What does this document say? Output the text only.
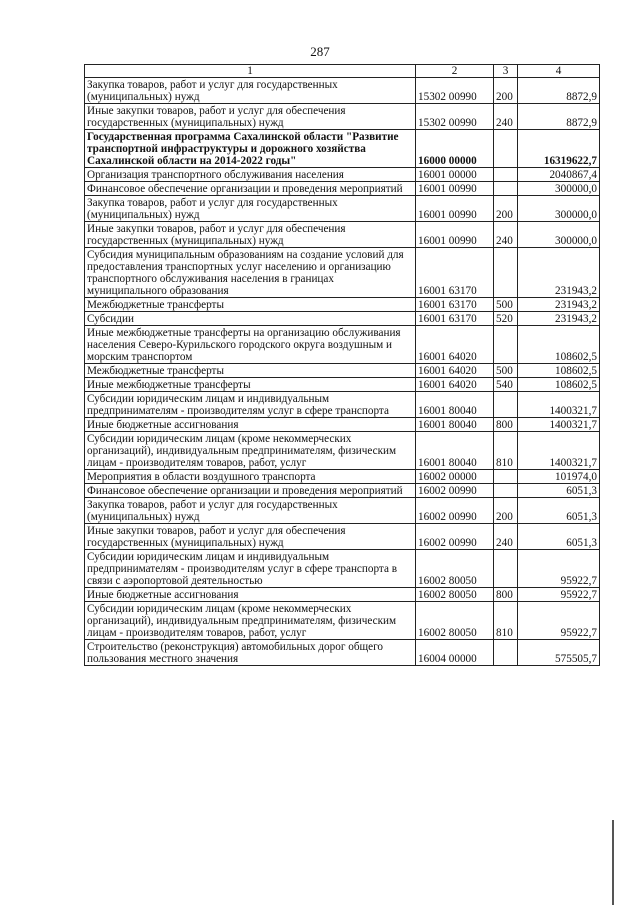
287
1	2	3	4
Закупка товаров, работ и услуг для государственных (муниципальных) нужд	15302 00990	200	8872,9
Иные закупки товаров, работ и услуг для обеспечения государственных (муниципальных) нужд	15302 00990	240	8872,9
Государственная программа Сахалинской области "Развитие транспортной инфраструктуры и дорожного хозяйства Сахалинской области на 2014-2022 годы"	16000 00000		16319622,7
Организация транспортного обслуживания населения	16001 00000		2040867,4
Финансовое обеспечение организации и проведения мероприятий	16001 00990		300000,0
Закупка товаров, работ и услуг для государственных (муниципальных) нужд	16001 00990	200	300000,0
Иные закупки товаров, работ и услуг для обеспечения государственных (муниципальных) нужд	16001 00990	240	300000,0
Субсидия муниципальным образованиям на создание условий для предоставления транспортных услуг населению и организацию транспортного обслуживания населения в границах муниципального образования	16001 63170		231943,2
Межбюджетные трансферты	16001 63170	500	231943,2
Субсидии	16001 63170	520	231943,2
Иные межбюджетные трансферты на организацию обслуживания населения Северо-Курильского городского округа воздушным и морским транспортом	16001 64020		108602,5
Межбюджетные трансферты	16001 64020	500	108602,5
Иные межбюджетные трансферты	16001 64020	540	108602,5
Субсидии юридическим лицам и индивидуальным предпринимателям - производителям услуг в сфере транспорта	16001 80040		1400321,7
Иные бюджетные ассигнования	16001 80040	800	1400321,7
Субсидии юридическим лицам (кроме некоммерческих организаций), индивидуальным предпринимателям, физическим лицам - производителям товаров, работ, услуг	16001 80040	810	1400321,7
Мероприятия в области воздушного транспорта	16002 00000		101974,0
Финансовое обеспечение организации и проведения мероприятий	16002 00990		6051,3
Закупка товаров, работ и услуг для государственных (муниципальных) нужд	16002 00990	200	6051,3
Иные закупки товаров, работ и услуг для обеспечения государственных (муниципальных) нужд	16002 00990	240	6051,3
Субсидии юридическим лицам и индивидуальным предпринимателям - производителям услуг в сфере транспорта в связи с аэропортовой деятельностью	16002 80050		95922,7
Иные бюджетные ассигнования	16002 80050	800	95922,7
Субсидии юридическим лицам (кроме некоммерческих организаций), индивидуальным предпринимателям, физическим лицам - производителям товаров, работ, услуг	16002 80050	810	95922,7
Строительство (реконструкция) автомобильных дорог общего пользования местного значения	16004 00000		575505,7
